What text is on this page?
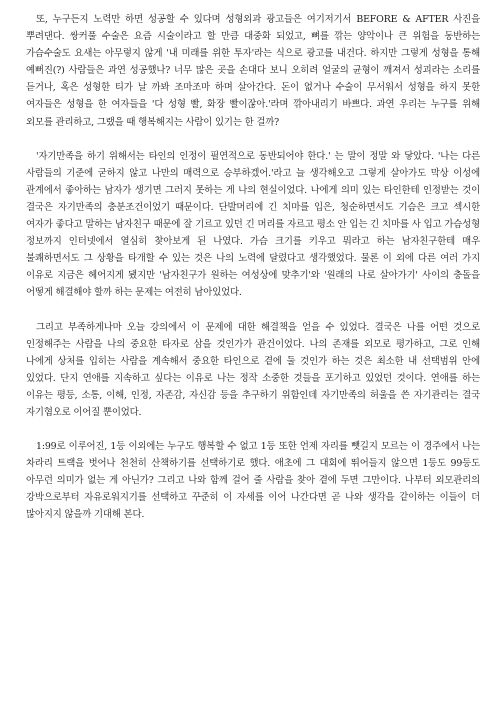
또, 누구든지 노력만 하면 성공할 수 있다며 성형외과 광고들은 여기저기서 BEFORE & AFTER 사진을 뿌려댄다. 쌍커풀 수술은 요즘 시술이라고 할 만큼 대중화 되었고, 뼈를 깎는 양악이나 큰 위험을 동반하는 가슴수술도 요새는 아무렇지 않게 '내 미래를 위한 투자'라는 식으로 광고를 내건다. 하지만 그렇게 성형을 통해 예뻐진(?) 사람들은 과연 성공했나? 너무 많은 곳을 손대다 보니 오히려 얼굴의 균형이 깨져서 성괴라는 소리를 듣거나, 혹은 성형한 티가 날 까봐 조마조마 하며 살아간다. 돈이 없거나 수술이 무서워서 성형을 하지 못한 여자들은 성형을 한 여자들을 '다 성형 빨, 화장 빨이잖아.'라며 깎아내리기 바쁘다. 과연 우리는 누구를 위해 외모를 관리하고, 그랬을 때 행복해지는 사람이 있기는 한 걸까?

'자기만족을 하기 위해서는 타인의 인정이 필연적으로 동반되어야 한다.' 는 말이 정말 와 닿았다. '나는 다른 사람들의 기준에 굳하지 않고 나만의 매력으로 승부하겠어.'라고 늘 생각해오고 그렇게 살아가도 막상 이성에 관계에서 좋아하는 남자가 생기면 그러지 못하는 게 나의 현실이었다. 나에게 의미 있는 타인한테 인정받는 것이 결국은 자기만족의 충분조건이었기 때문이다. 단발머리에 긴 치마를 입은, 청순하면서도 기슴은 크고 섹시한 여자가 좋다고 말하는 남자친구 때문에 잘 기르고 있던 긴 머리를 자르고 평소 안 입는 긴 치마를 사 입고 가슴성형 정보까지 인터넷에서 열심히 찾아보게 된 나였다. 가슴 크기를 키우고 뭐라고 하는 남자친구한테 매우 불쾌하면서도 그 상황을 타개할 수 있는 것은 나의 노력에 달렸다고 생각했었다. 물론 이 외에 다른 여러 가지 이유로 지금은 헤어지게 됐지만 '남자친구가 원하는 여성상에 맞추기'와 '원래의 나로 살아가기' 사이의 충돌을 어떻게 해결해야 할까 하는 문제는 여전히 남아있었다.

그리고 부족하게나마 오늘 강의에서 이 문제에 대한 해결책을 얻을 수 있었다. 결국은 나를 어떤 것으로 인정해주는 사람을 나의 중요한 타자로 삼을 것인가가 관건이었다. 나의 존재를 외모로 평가하고, 그로 인해 나에게 상처를 입히는 사람을 계속해서 중요한 타인으로 곁에 둘 것인가 하는 것은 최소한 내 선택범위 안에 있었다. 단지 연애를 지속하고 싶다는 이유로 나는 정작 소중한 것들을 포기하고 있었던 것이다. 연애를 하는 이유는 평등, 소통, 이해, 인정, 자존감, 자신감 등을 추구하기 위함인데 자기만족의 허울을 쓴 자기관리는 결국 자기혐오로 이어질 뿐이었다.

1:99로 이루어진, 1등 이외에는 누구도 행복할 수 없고 1등 또한 언제 자리를 뺏길지 모르는 이 경주에서 나는 차라리 트랙을 벗어나 천천히 산책하기를 선택하기로 했다. 애초에 그 대회에 뛰어들지 않으면 1등도 99등도 아무런 의미가 없는 게 아닌가? 그리고 나와 함께 걸어 줄 사람을 찾아 곁에 두면 그만이다. 나부터 외모관리의 강박으로부터 자유로워지기를 선택하고 꾸준히 이 자세를 이어 나간다면 곧 나와 생각을 같이하는 이들이 더 많아지지 않을까 기대해 본다.
